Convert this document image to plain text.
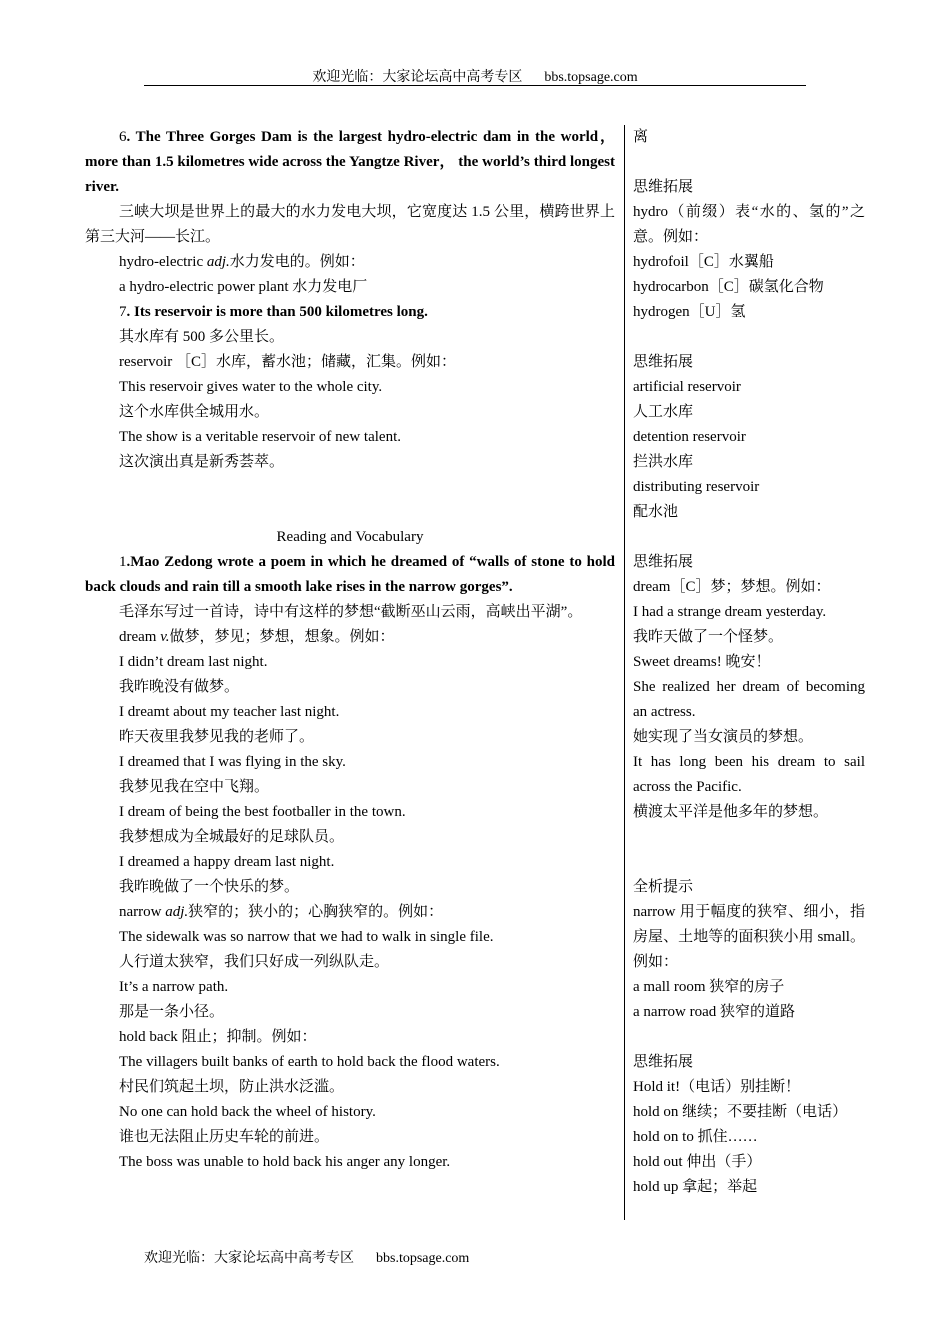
欢迎光临：大家论坛高中高考专区 bbs.topsage.com

6. The Three Gorges Dam is the largest hydro-electric dam in the world， more than 1.5 kilometres wide across the Yangtze River， the world’s third longest river.

三峡大坝是世界上的最大的水力发电大坝，它宽度达 1.5 公里，横跨世界上第三大河——长江。

hydro-electric adj.水力发电的。例如：

a hydro-electric power plant 水力发电厂

7. Its reservoir is more than 500 kilometres long.

其水库有 500 多公里长。

reservoir ［C］水库，蓄水池；储藏，汇集。例如：

This reservoir gives water to the whole city.

这个水库供全城用水。

The show is a veritable reservoir of new talent.

这次演出真是新秀荟萃。

Reading and Vocabulary

1.Mao Zedong wrote a poem in which he dreamed of “walls of stone to hold back clouds and rain till a smooth lake rises in the narrow gorges”.

毛泽东写过一首诗，诗中有这样的梦想“截断巫山云雨，高峡出平湖”。

dream v.做梦，梦见；梦想，想象。例如：

I didn’t dream last night.

我昨晚没有做梦。

I dreamt about my teacher last night.

昨天夜里我梦见我的老师了。

I dreamed that I was flying in the sky.

我梦见我在空中飞翔。

I dream of being the best footballer in the town.

我梦想成为全城最好的足球队员。

I dreamed a happy dream last night.

我昨晚做了一个快乐的梦。

narrow adj.狭窄的；狭小的；心胸狭窄的。例如：

The sidewalk was so narrow that we had to walk in single file.

人行道太狭窄，我们只好成一列纵队走。

It’s a narrow path.

那是一条小径。

hold back 阻止；抑制。例如：

The villagers built banks of earth to hold back the flood waters.

村民们筑起土坝，防止洪水泛滥。

No one can hold back the wheel of history.

谁也无法阻止历史车轮的前进。

The boss was unable to hold back his anger any longer.

离

思维拓展

hydro（前缀）表“水的、氢的”之意。例如：

hydrofoil［C］水翼船

hydrocarbon［C］碳氢化合物

hydrogen［U］氢

思维拓展

artificial reservoir

人工水库

detention reservoir

拦洪水库

distributing reservoir

配水池

思维拓展

dream［C］梦；梦想。例如：

I had a strange dream yesterday.

我昨天做了一个怪梦。

Sweet dreams! 晚安！

She realized her dream of becoming an actress.

她实现了当女演员的梦想。

It has long been his dream to sail across the Pacific.

横渡太平洋是他多年的梦想。

全析提示

narrow 用于幅度的狭窄、细小，指房屋、土地等的面积狭小用 small。例如：

a mall room 狭窄的房子

a narrow road 狭窄的道路

思维拓展

Hold it!（电话）别挂断！

hold on 继续；不要挂断（电话）

hold on to 抓住……

hold out 伸出（手）

hold up 拿起；举起

欢迎光临：大家论坛高中高考专区 bbs.topsage.com
